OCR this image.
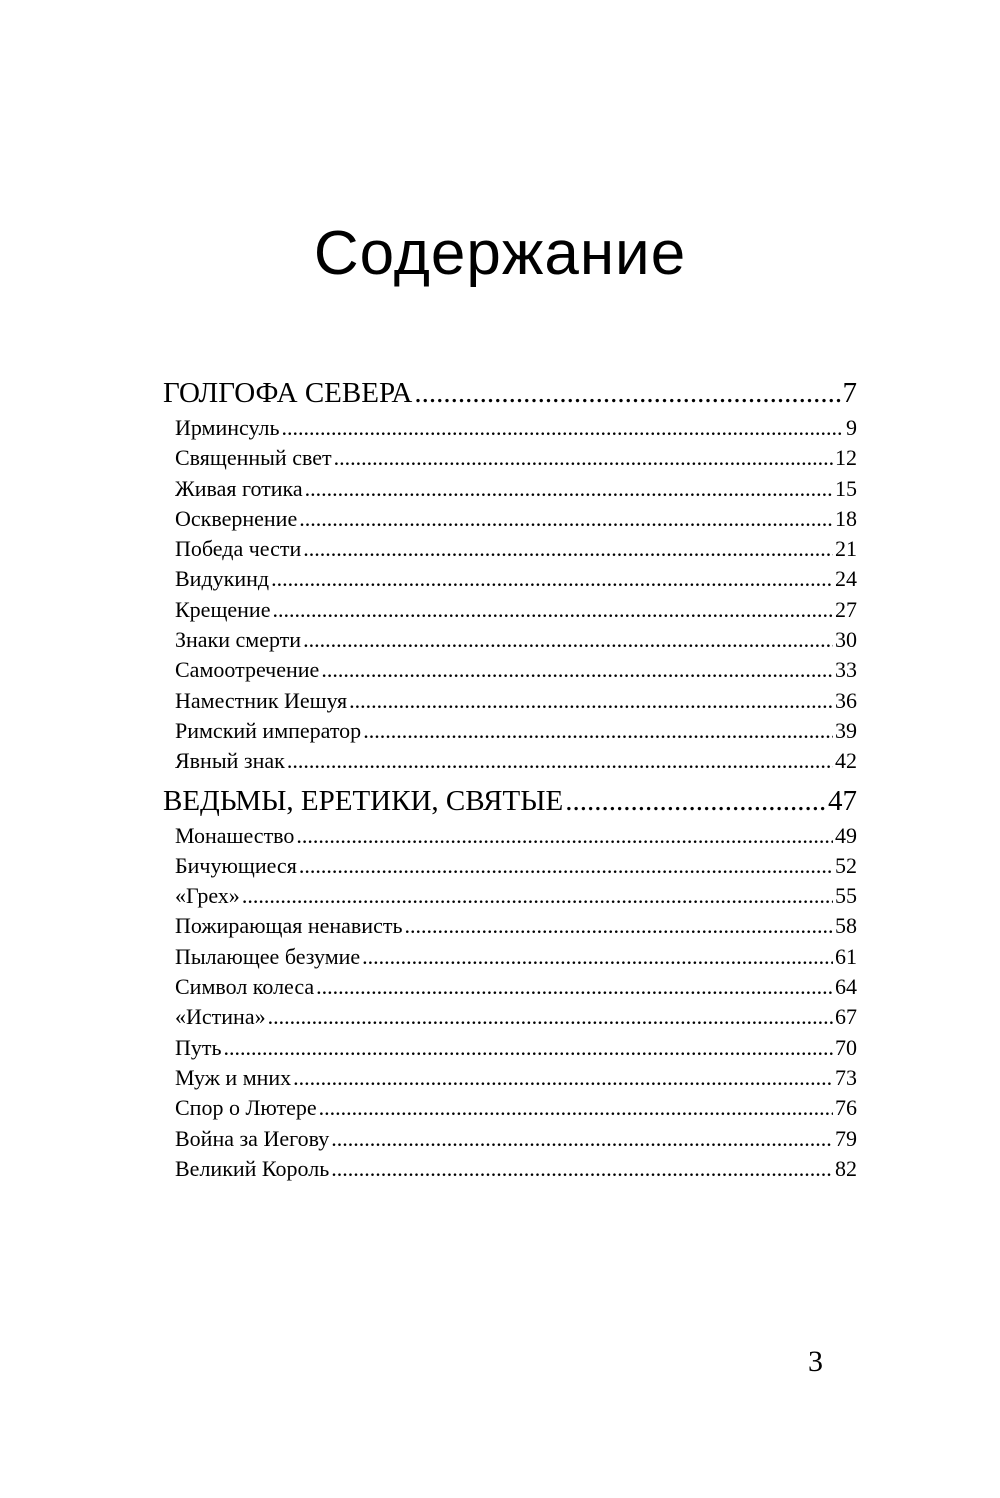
Содержание
ГОЛГОФА СЕВЕРА .....	7
Ирминсуль .....	9
Священный свет .....	12
Живая готика .....	15
Осквернение .....	18
Победа чести .....	21
Видукинд .....	24
Крещение .....	27
Знаки смерти .....	30
Самоотречение .....	33
Наместник Иешуя .....	36
Римский император .....	39
Явный знак .....	42
ВЕДЬМЫ, ЕРЕТИКИ, СВЯТЫЕ .....	47
Монашество .....	49
Бичующиеся .....	52
«Грех» .....	55
Пожирающая ненависть .....	58
Пылающее безумие .....	61
Символ колеса .....	64
«Истина» .....	67
Путь .....	70
Муж и мних .....	73
Спор о Лютере .....	76
Война за Иегову .....	79
Великий Король .....	82
3
